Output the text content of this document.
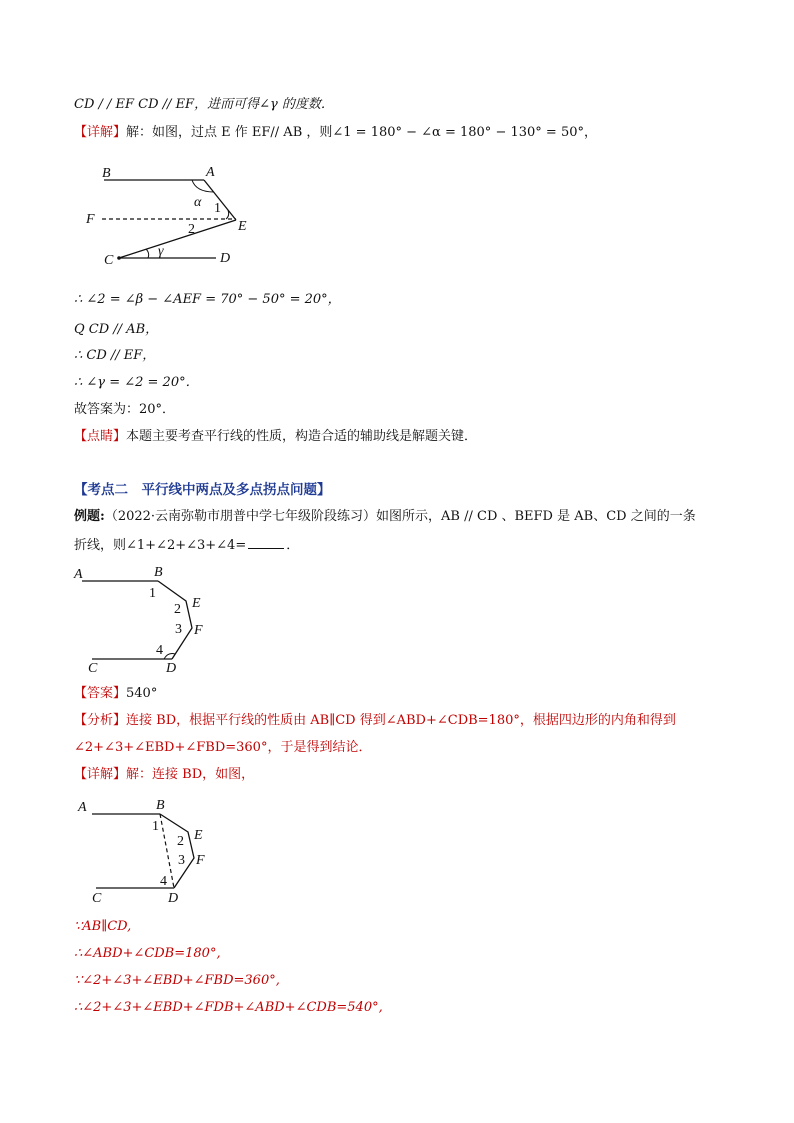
CD / / EF CD // EF，进而可得∠γ 的度数．
【详解】解：如图，过点 E 作 EF// AB ，则∠1 = 180° − ∠α = 180° − 130° = 50°，
B	A
F	E
C	D
α 1
2
γ
∴ ∠2 = ∠β − ∠AEF = 70° − 50° = 20°，
Q CD // AB，
∴ CD // EF，
∴ ∠γ = ∠2 = 20°．
故答案为：20°．
【点睛】本题主要考查平行线的性质，构造合适的辅助线是解题关键．
【考点二　平行线中两点及多点拐点问题】
例题:（2022·云南弥勒市朋普中学七年级阶段练习）如图所示，AB // CD 、BEFD 是 AB、CD 之间的一条
折线，则∠1+∠2+∠3+∠4=	．
A	B
E
F
C	D
1
2
3
4
【答案】540°
【分析】连接 BD，根据平行线的性质由 AB∥CD 得到∠ABD+∠CDB=180°，根据四边形的内角和得到
∠2+∠3+∠EBD+∠FBD=360°，于是得到结论．
【详解】解：连接 BD，如图，
A	B
E
F
C	D
1
2
3
4
∵AB∥CD,
∴∠ABD+∠CDB=180°,
∵∠2+∠3+∠EBD+∠FBD=360°,
∴∠2+∠3+∠EBD+∠FDB+∠ABD+∠CDB=540°,
